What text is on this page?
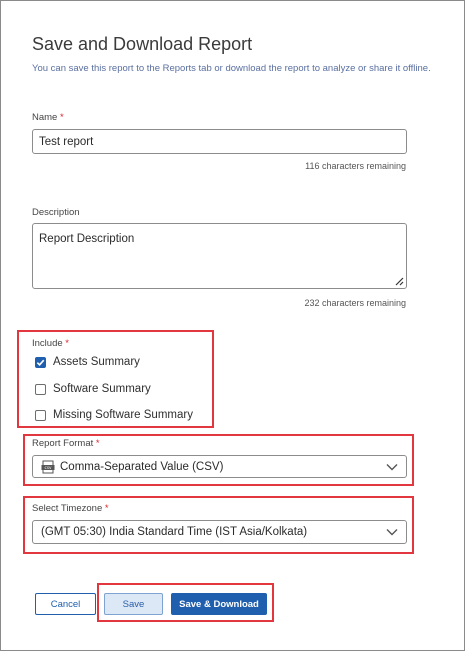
Save and Download Report
You can save this report to the Reports tab or download the report to analyze or share it offline.
Name *
Test report
116 characters remaining
Description
Report Description
232 characters remaining
Include *
Assets Summary
Software Summary
Missing Software Summary
Report Format *
csv Comma-Separated Value (CSV)
Select Timezone *
(GMT 05:30) India Standard Time (IST Asia/Kolkata)
Cancel	Save	Save & Download
